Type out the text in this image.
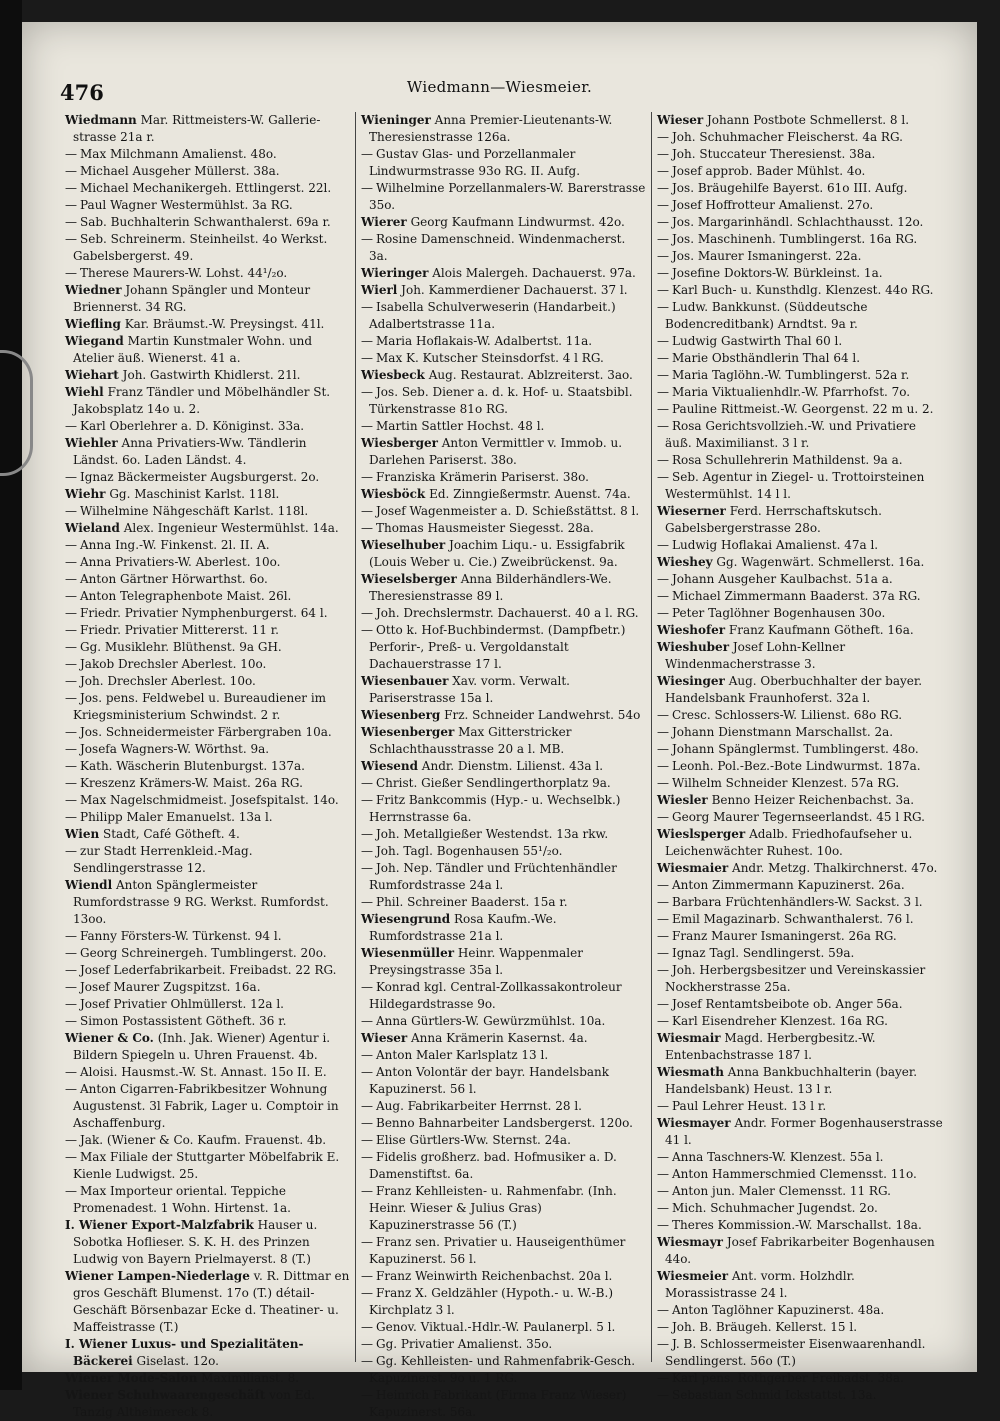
476	Wiedmann—Wiesmeier.
Wiedmann Mar. Rittmeisters-W. Gallerie-strasse 21a r.
— Max Milchmann Amalienst. 48o.
— Michael Ausgeher Müllerst. 38a.
— Michael Mechanikergeh. Ettlingerst. 22l.
— Paul Wagner Westermühlst. 3a RG.
— Sab. Buchhalterin Schwanthalerst. 69a r.
— Seb. Schreinerm. Steinheilst. 4o Werkst. Gabelsbergerst. 49.
— Therese Maurers-W. Lohst. 44¹/₂o.
Wiedner Johann Spängler und Monteur Briennerst. 34 RG.
Wiefling Kar. Bräumst.-W. Preysingst. 41l.
Wiegand Martin Kunstmaler Wohn. und Atelier äuß. Wienerst. 41 a.
Wiehart Joh. Gastwirth Khidlerst. 21l.
Wiehl Franz Tändler und Möbelhändler St. Jakobsplatz 14o u. 2.
— Karl Oberlehrer a. D. Königinst. 33a.
Wiehler Anna Privatiers-Ww. Tändlerin Ländst. 6o. Laden Ländst. 4.
— Ignaz Bäckermeister Augsburgerst. 2o.
Wiehr Gg. Maschinist Karlst. 118l.
— Wilhelmine Nähgeschäft Karlst. 118l.
Wieland Alex. Ingenieur Westermühlst. 14a.
— Anna Ing.-W. Finkenst. 2l. II. A.
— Anna Privatiers-W. Aberlest. 10o.
— Anton Gärtner Hörwarthst. 6o.
— Anton Telegraphenbote Maist. 26l.
— Friedr. Privatier Nymphenburgerst. 64 l.
— Friedr. Privatier Mittererst. 11 r.
— Gg. Musiklehr. Blüthenst. 9a GH.
— Jakob Drechsler Aberlest. 10o.
— Joh. Drechsler Aberlest. 10o.
— Jos. pens. Feldwebel u. Bureaudiener im Kriegsministerium Schwindst. 2 r.
— Jos. Schneidermeister Färbergraben 10a.
— Josefa Wagners-W. Wörthst. 9a.
— Kath. Wäscherin Blutenburgst. 137a.
— Kreszenz Krämers-W. Maist. 26a RG.
— Max Nagelschmidmeist. Josefspitalst. 14o.
— Philipp Maler Emanuelst. 13a l.
Wien Stadt, Café Götheft. 4.
— zur Stadt Herrenkleid.-Mag. Sendlingerstrasse 12.
Wiendl Anton Spänglermeister Rumfordstrasse 9 RG. Werkst. Rumfordst. 13oo.
— Fanny Försters-W. Türkenst. 94 l.
— Georg Schreinergeh. Tumblingerst. 20o.
— Josef Lederfabrikarbeit. Freibadst. 22 RG.
— Josef Maurer Zugspitzst. 16a.
— Josef Privatier Ohlmüllerst. 12a l.
— Simon Postassistent Götheft. 36 r.
Wiener & Co. (Inh. Jak. Wiener) Agentur i. Bildern Spiegeln u. Uhren Frauenst. 4b.
— Aloisi. Hausmst.-W. St. Annast. 15o II. E.
— Anton Cigarren-Fabrikbesitzer Wohnung Augustenst. 3l Fabrik, Lager u. Comptoir in Aschaffenburg.
— Jak. (Wiener & Co. Kaufm. Frauenst. 4b.
— Max Filiale der Stuttgarter Möbelfabrik E. Kienle Ludwigst. 25.
— Max Importeur oriental. Teppiche Promenadest. 1 Wohn. Hirtenst. 1a.
I. Wiener Export-Malzfabrik Hauser u. Sobotka Hoflieser. S. K. H. des Prinzen Ludwig von Bayern Prielmayerst. 8 (T.)
Wiener Lampen-Niederlage v. R. Dittmar en gros Geschäft Blumenst. 17o (T.) détail-Geschäft Börsenbazar Ecke d. Theatiner- u. Maffeistrasse (T.)
I. Wiener Luxus- und Spezialitäten-Bäckerei Giselast. 12o.
Wiener Mode-Salon Maximilianst. 8.
Wiener Schuhwaarengeschäft von Ed. Tanzig Altheimereck 8.
Wieninger Anna Premier-Lieutenants-W. Theresienstrasse 126a.
— Gustav Glas- und Porzellanmaler Lindwurmstrasse 93o RG. II. Aufg.
— Wilhelmine Porzellanmalers-W. Barerstrasse 35o.
Wierer Georg Kaufmann Lindwurmst. 42o.
— Rosine Damenschneid. Windenmacherst. 3a.
Wieringer Alois Malergeh. Dachauerst. 97a.
Wierl Joh. Kammerdiener Dachauerst. 37 l.
— Isabella Schulverweserin (Handarbeit.) Adalbertstrasse 11a.
— Maria Hoflakais-W. Adalbertst. 11a.
— Max K. Kutscher Steinsdorfst. 4 l RG.
Wiesbeck Aug. Restaurat. Ablzreiterst. 3ao.
— Jos. Seb. Diener a. d. k. Hof- u. Staatsbibl. Türkenstrasse 81o RG.
— Martin Sattler Hochst. 48 l.
Wiesberger Anton Vermittler v. Immob. u. Darlehen Pariserst. 38o.
— Franziska Krämerin Pariserst. 38o.
Wiesböck Ed. Zinngießermstr. Auenst. 74a.
— Josef Wagenmeister a. D. Schießstättst. 8 l.
— Thomas Hausmeister Siegesst. 28a.
Wieselhuber Joachim Liqu.- u. Essigfabrik (Louis Weber u. Cie.) Zweibrückenst. 9a.
Wieselsberger Anna Bilderhändlers-We. Theresienstrasse 89 l.
— Joh. Drechslermstr. Dachauerst. 40 a l. RG.
— Otto k. Hof-Buchbindermst. (Dampfbetr.) Perforir-, Preß- u. Vergoldanstalt Dachauerstrasse 17 l.
Wiesenbauer Xav. vorm. Verwalt. Pariserstrasse 15a l.
Wiesenberg Frz. Schneider Landwehrst. 54o
Wiesenberger Max Gitterstricker Schlachthausstrasse 20 a l. MB.
Wiesend Andr. Dienstm. Lilienst. 43a l.
— Christ. Gießer Sendlingerthorplatz 9a.
— Fritz Bankcommis (Hyp.- u. Wechselbk.) Herrnstrasse 6a.
— Joh. Metallgießer Westendst. 13a rkw.
— Joh. Tagl. Bogenhausen 55¹/₂o.
— Joh. Nep. Tändler und Früchtenhändler Rumfordstrasse 24a l.
— Phil. Schreiner Baaderst. 15a r.
Wiesengrund Rosa Kaufm.-We. Rumfordstrasse 21a l.
Wiesenmüller Heinr. Wappenmaler Preysingstrasse 35a l.
— Konrad kgl. Central-Zollkassakontroleur Hildegardstrasse 9o.
— Anna Gürtlers-W. Gewürzmühlst. 10a.
Wieser Anna Krämerin Kasernst. 4a.
— Anton Maler Karlsplatz 13 l.
— Anton Volontär der bayr. Handelsbank Kapuzinerst. 56 l.
— Aug. Fabrikarbeiter Herrnst. 28 l.
— Benno Bahnarbeiter Landsbergerst. 120o.
— Elise Gürtlers-Ww. Sternst. 24a.
— Fidelis großherz. bad. Hofmusiker a. D. Damenstiftst. 6a.
— Franz Kehlleisten- u. Rahmenfabr. (Inh. Heinr. Wieser & Julius Gras) Kapuzinerstrasse 56 (T.)
— Franz sen. Privatier u. Hauseigenthümer Kapuzinerst. 56 l.
— Franz Weinwirth Reichenbachst. 20a l.
— Franz X. Geldzähler (Hypoth.- u. W.-B.) Kirchplatz 3 l.
— Genov. Viktual.-Hdlr.-W. Paulanerpl. 5 l.
— Gg. Privatier Amalienst. 35o.
— Gg. Kehlleisten- und Rahmenfabrik-Gesch. Kapuzinerst. 9o u. 1 RG.
— Heinrich Fabrikant (Firma Franz Wieser) Kapuzinerst. 56a.
Wieser Johann Postbote Schmellerst. 8 l.
— Joh. Schuhmacher Fleischerst. 4a RG.
— Joh. Stuccateur Theresienst. 38a.
— Josef approb. Bader Mühlst. 4o.
— Jos. Bräugehilfe Bayerst. 61o III. Aufg.
— Josef Hoffrotteur Amalienst. 27o.
— Jos. Margarinhändl. Schlachthausst. 12o.
— Jos. Maschinenh. Tumblingerst. 16a RG.
— Jos. Maurer Ismaningerst. 22a.
— Josefine Doktors-W. Bürkleinst. 1a.
— Karl Buch- u. Kunsthdlg. Klenzest. 44o RG.
— Ludw. Bankkunst. (Süddeutsche Bodencreditbank) Arndtst. 9a r.
— Ludwig Gastwirth Thal 60 l.
— Marie Obsthändlerin Thal 64 l.
— Maria Taglöhn.-W. Tumblingerst. 52a r.
— Maria Viktualienhdlr.-W. Pfarrhofst. 7o.
— Pauline Rittmeist.-W. Georgenst. 22 m u. 2.
— Rosa Gerichtsvollzieh.-W. und Privatiere äuß. Maximilianst. 3 l r.
— Rosa Schullehrerin Mathildenst. 9a a.
— Seb. Agentur in Ziegel- u. Trottoirsteinen Westermühlst. 14 l l.
Wieserner Ferd. Herrschaftskutsch. Gabelsbergerstrasse 28o.
— Ludwig Hoflakai Amalienst. 47a l.
Wieshey Gg. Wagenwärt. Schmellerst. 16a.
— Johann Ausgeher Kaulbachst. 51a a.
— Michael Zimmermann Baaderst. 37a RG.
— Peter Taglöhner Bogenhausen 30o.
Wieshofer Franz Kaufmann Götheft. 16a.
Wieshuber Josef Lohn-Kellner Windenmacherstrasse 3.
Wiesinger Aug. Oberbuchhalter der bayer. Handelsbank Fraunhoferst. 32a l.
— Cresc. Schlossers-W. Lilienst. 68o RG.
— Johann Dienstmann Marschallst. 2a.
— Johann Spänglermst. Tumblingerst. 48o.
— Leonh. Pol.-Bez.-Bote Lindwurmst. 187a.
— Wilhelm Schneider Klenzest. 57a RG.
Wiesler Benno Heizer Reichenbachst. 3a.
— Georg Maurer Tegernseerlandst. 45 l RG.
Wieslsperger Adalb. Friedhofaufseher u. Leichenwächter Ruhest. 10o.
Wiesmaier Andr. Metzg. Thalkirchnerst. 47o.
— Anton Zimmermann Kapuzinerst. 26a.
— Barbara Früchtenhändlers-W. Sackst. 3 l.
— Emil Magazinarb. Schwanthalerst. 76 l.
— Franz Maurer Ismaningerst. 26a RG.
— Ignaz Tagl. Sendlingerst. 59a.
— Joh. Herbergsbesitzer und Vereinskassier Nockherstrasse 25a.
— Josef Rentamtsbeibote ob. Anger 56a.
— Karl Eisendreher Klenzest. 16a RG.
Wiesmair Magd. Herbergbesitz.-W. Entenbachstrasse 187 l.
Wiesmath Anna Bankbuchhalterin (bayer. Handelsbank) Heust. 13 l r.
— Paul Lehrer Heust. 13 l r.
Wiesmayer Andr. Former Bogenhauserstrasse 41 l.
— Anna Taschners-W. Klenzest. 55a l.
— Anton Hammerschmied Clemensst. 11o.
— Anton jun. Maler Clemensst. 11 RG.
— Mich. Schuhmacher Jugendst. 2o.
— Theres Kommission.-W. Marschallst. 18a.
Wiesmayr Josef Fabrikarbeiter Bogenhausen 44o.
Wiesmeier Ant. vorm. Holzhdlr. Morassistrasse 24 l.
— Anton Taglöhner Kapuzinerst. 48a.
— Joh. B. Bräugeh. Kellerst. 15 l.
— J. B. Schlossermeister Eisenwaarenhandl. Sendlingerst. 56o (T.)
— Karl pens. Rothgerber Freibadst. 38a.
— Sebastian Schmid Ickstattst. 13a.
